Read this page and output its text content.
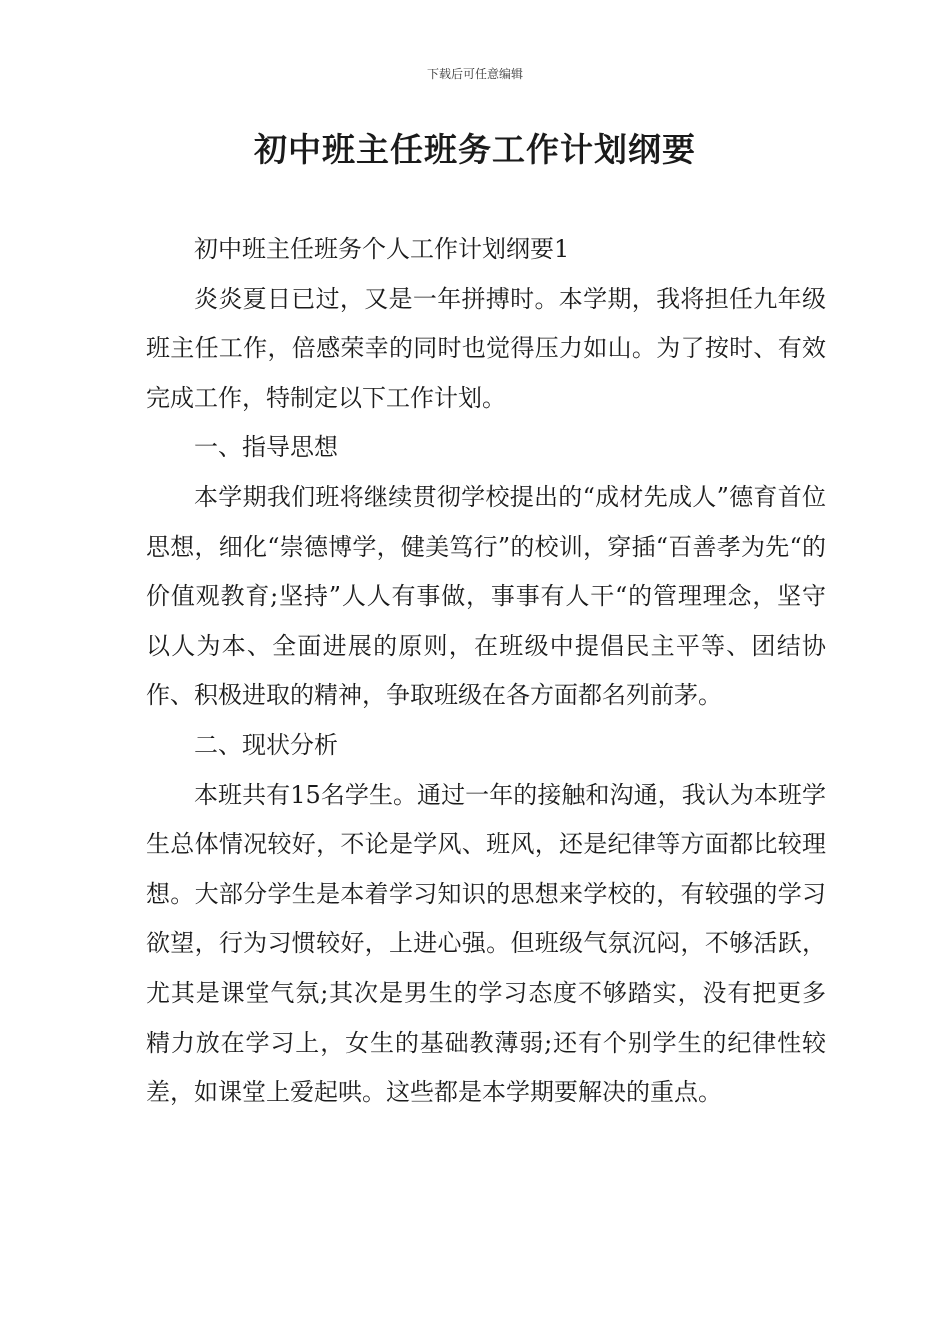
下载后可任意编辑
初中班主任班务工作计划纲要

初中班主任班务个人工作计划纲要1

炎炎夏日已过，又是一年拼搏时。本学期，我将担任九年级班主任工作，倍感荣幸的同时也觉得压力如山。为了按时、有效完成工作，特制定以下工作计划。

一、指导思想

本学期我们班将继续贯彻学校提出的“成材先成人”德育首位思想，细化“崇德博学，健美笃行”的校训，穿插“百善孝为先“的价值观教育;坚持”人人有事做，事事有人干“的管理理念，坚守以人为本、全面进展的原则，在班级中提倡民主平等、团结协作、积极进取的精神，争取班级在各方面都名列前茅。

二、现状分析

本班共有15名学生。通过一年的接触和沟通，我认为本班学生总体情况较好，不论是学风、班风，还是纪律等方面都比较理想。大部分学生是本着学习知识的思想来学校的，有较强的学习欲望，行为习惯较好，上进心强。但班级气氛沉闷，不够活跃，尤其是课堂气氛;其次是男生的学习态度不够踏实，没有把更多精力放在学习上，女生的基础教薄弱;还有个别学生的纪律性较差，如课堂上爱起哄。这些都是本学期要解决的重点。
